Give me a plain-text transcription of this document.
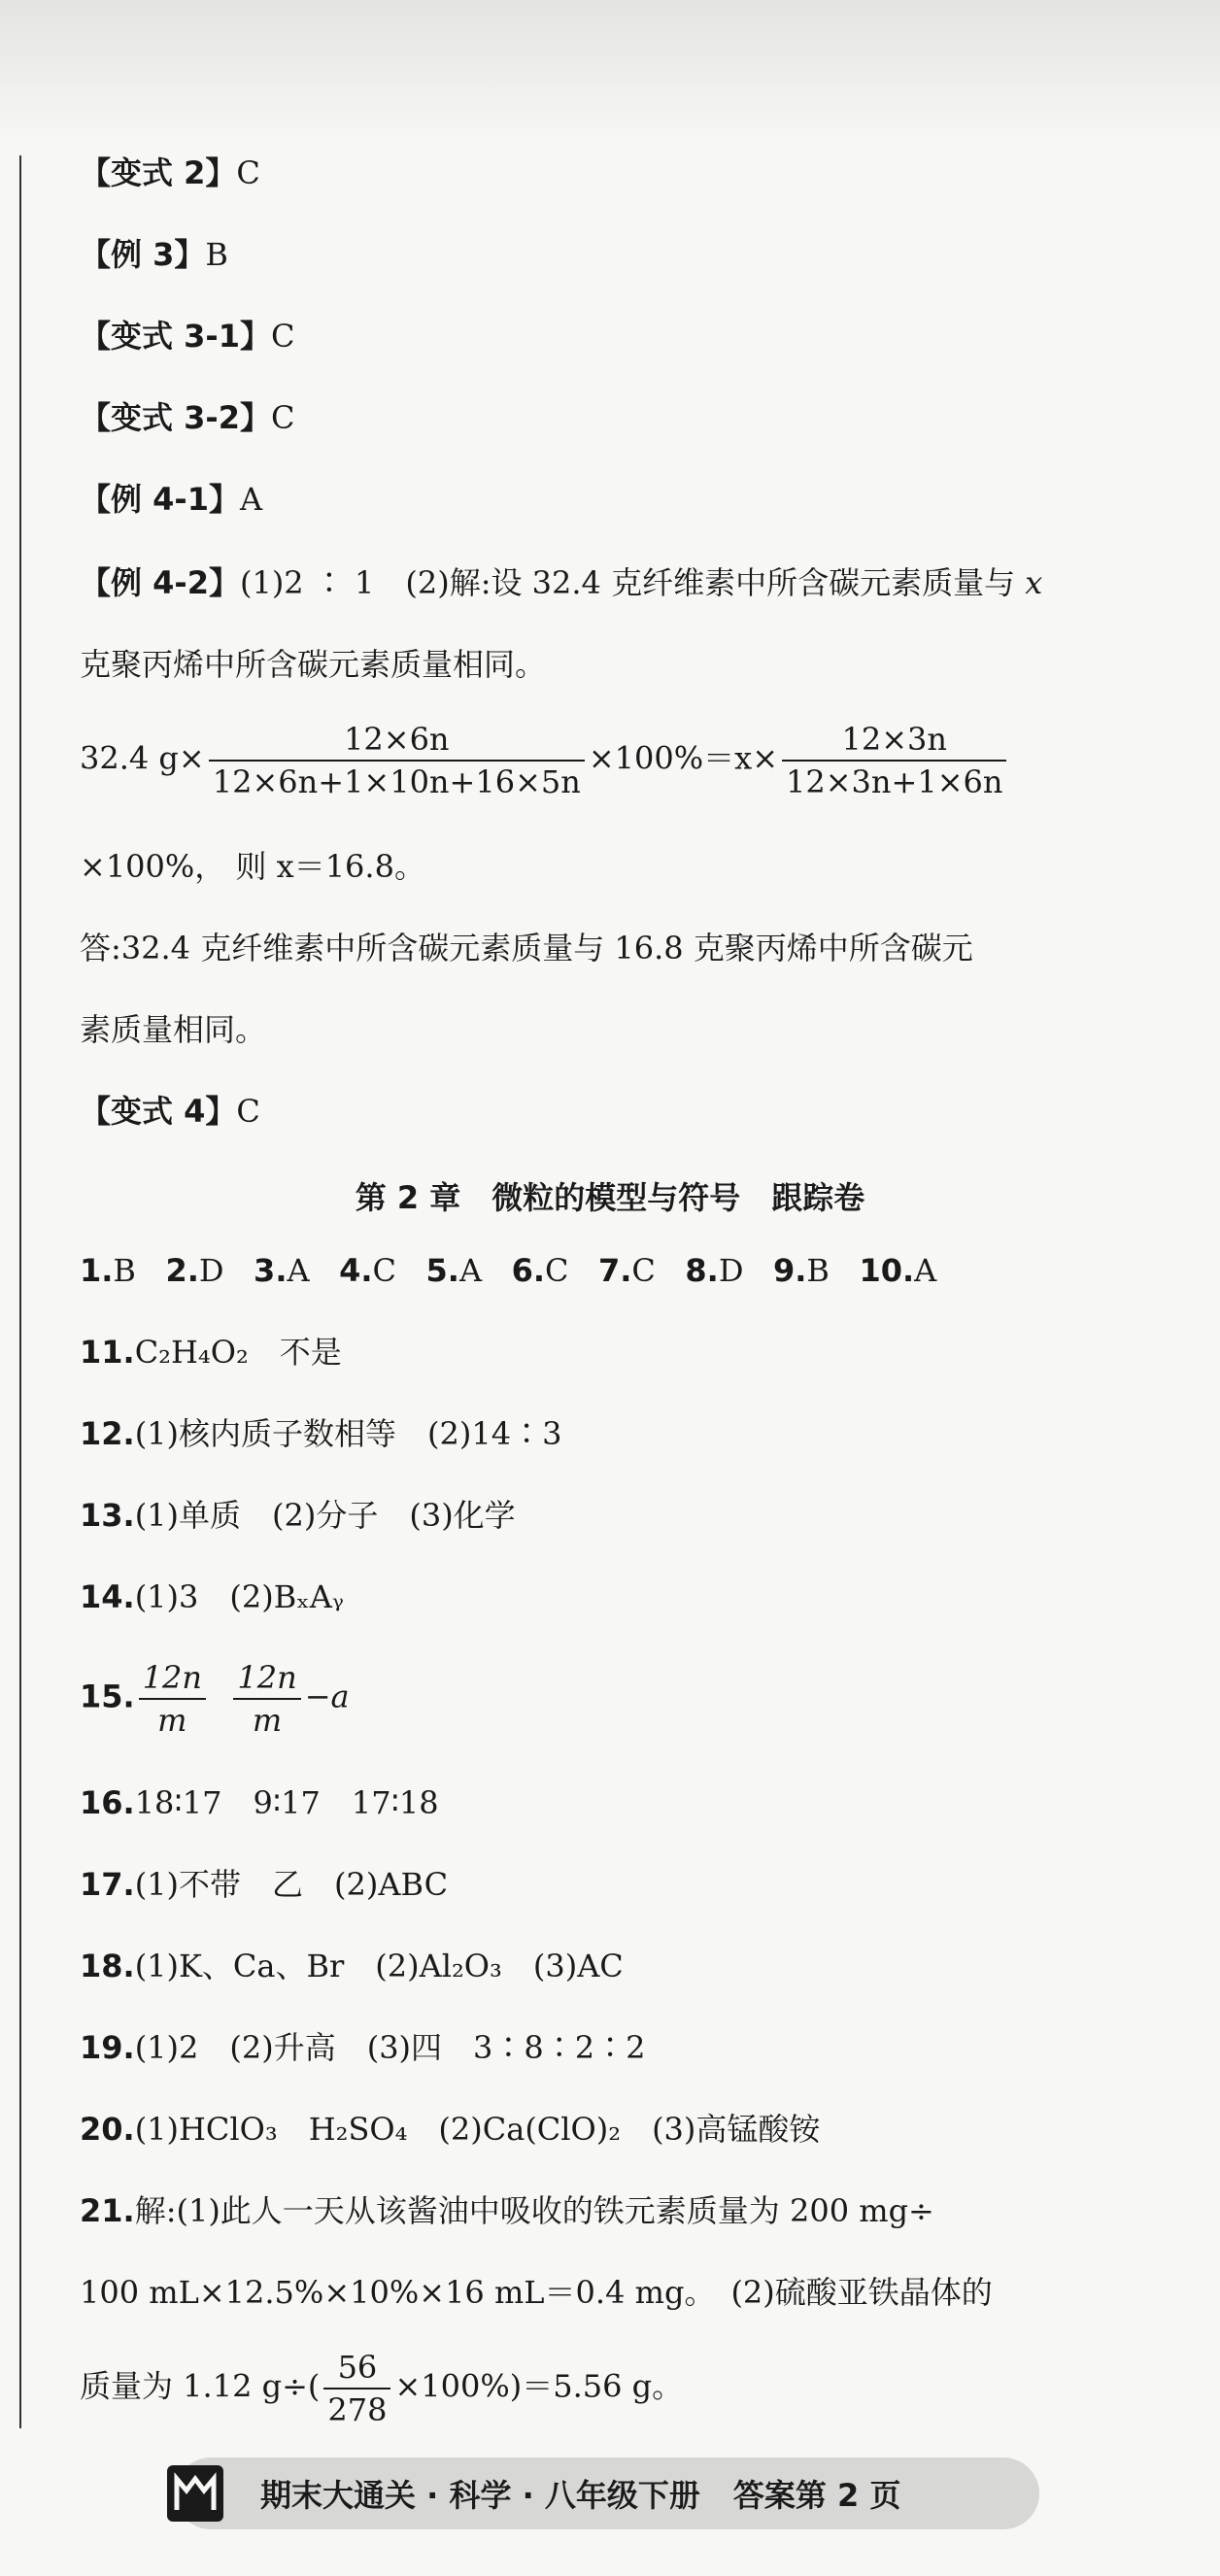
【变式 2】C
【例 3】B
【变式 3-1】C
【变式 3-2】C
【例 4-1】A
【例 4-2】(1)2 ∶ 1　(2)解:设 32.4 克纤维素中所含碳元素质量与 x
克聚丙烯中所含碳元素质量相同。
32.4 $g\times \frac{12\times 6n}{12\times 6n+1\times 10n+16\times 5n} \times 100\%=x\times \frac{12\times 3n}{12\times 3n+1\times 6n}$
×100%， 则 x＝16.8。
答:32.4 克纤维素中所含碳元素质量与 16.8 克聚丙烯中所含碳元
素质量相同。
【变式 4】C
第 2 章　微粒的模型与符号　跟踪卷
1.B 2.D 3.A 4.C 5.A 6.C 7.C 8.D 9.B 10.A
11.C₂H₄O₂　不是
12.(1)核内质子数相等　(2)14∶3
13.(1)单质　(2)分子　(3)化学
14.(1)3　(2)BₓAᵧ
15. $\frac{12n}{m}$
$\frac{12n}{m} -a$
16.18∶17　9∶17　17∶18
17.(1)不带　乙　(2)ABC
18.(1)K、Ca、Br　(2)Al₂O₃　(3)AC
19.(1)2　(2)升高　(3)四　3∶8∶2∶2
20.(1)HClO₃　H₂SO₄　(2)Ca(ClO)₂　(3)高锰酸铵
21.解:(1)此人一天从该酱油中吸收的铁元素质量为 200 mg÷
100 mL×12.5%×10%×16 mL＝0.4 mg。　(2)硫酸亚铁晶体的
质量为 1.12 $g\div( \frac{56}{278} \times 100\%)=5.56$ g。
期末大通关 · 科学 · 八年级下册 答案第 2 页
